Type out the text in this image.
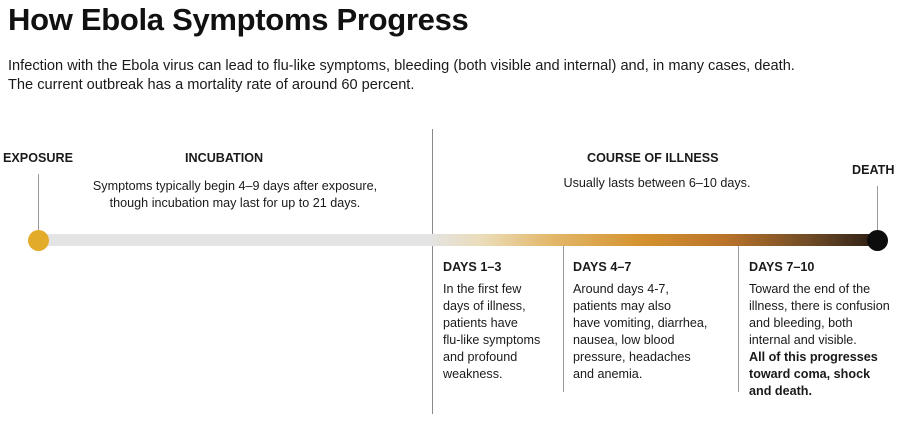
How Ebola Symptoms Progress
Infection with the Ebola virus can lead to flu-like symptoms, bleeding (both visible and internal) and, in many cases, death.
The current outbreak has a mortality rate of around 60 percent.
EXPOSURE	INCUBATION
Symptoms typically begin 4–9 days after exposure,
though incubation may last for up to 21 days.
COURSE OF ILLNESS
Usually lasts between 6–10 days.
DEATH
DAYS 1–3
In the first few
days of illness,
patients have
flu-like symptoms
and profound
weakness.
DAYS 4–7
Around days 4-7,
patients may also
have vomiting, diarrhea,
nausea, low blood
pressure, headaches
and anemia.
DAYS 7–10
Toward the end of the
illness, there is confusion
and bleeding, both
internal and visible.
All of this progresses
toward coma, shock
and death.
